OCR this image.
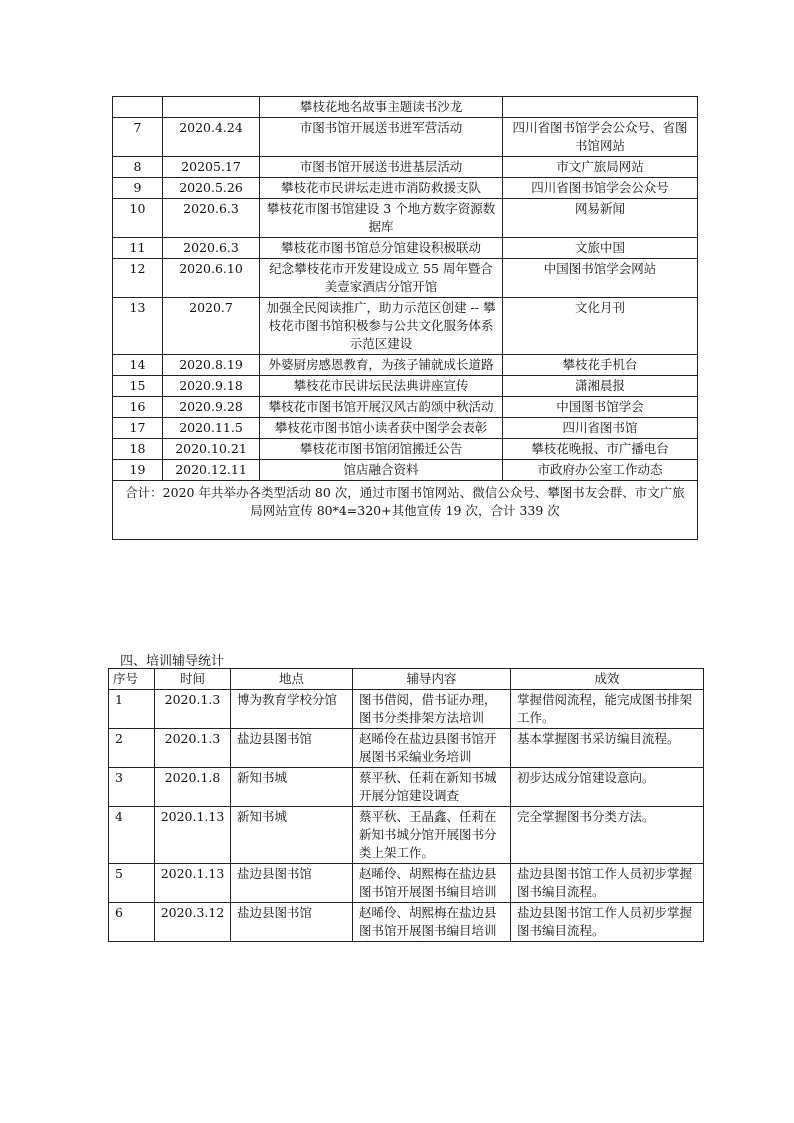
		攀枝花地名故事主题读书沙龙	
7	2020.4.24	市图书馆开展送书进军营活动	四川省图书馆学会公众号、省图书馆网站
8	20205.17	市图书馆开展送书进基层活动	市文广旅局网站
9	2020.5.26	攀枝花市民讲坛走进市消防救援支队	四川省图书馆学会公众号
10	2020.6.3	攀枝花市图书馆建设 3 个地方数字资源数据库	网易新闻
11	2020.6.3	攀枝花市图书馆总分馆建设积极联动	文旅中国
12	2020.6.10	纪念攀枝花市开发建设成立 55 周年暨合美壹家酒店分馆开馆	中国图书馆学会网站
13	2020.7	加强全民阅读推广，助力示范区创建 -- 攀枝花市图书馆积极参与公共文化服务体系示范区建设	文化月刊
14	2020.8.19	外婆厨房感恩教育，为孩子铺就成长道路	攀枝花手机台
15	2020.9.18	攀枝花市民讲坛民法典讲座宣传	潇湘晨报
16	2020.9.28	攀枝花市图书馆开展汉风古韵颂中秋活动	中国图书馆学会
17	2020.11.5	攀枝花市图书馆小读者获中图学会表彰	四川省图书馆
18	2020.10.21	攀枝花市图书馆闭馆搬迁公告	攀枝花晚报、市广播电台
19	2020.12.11	馆店融合资料	市政府办公室工作动态
合计：2020 年共举办各类型活动 80 次，通过市图书馆网站、微信公众号、攀图书友会群、市文广旅局网站宣传 80*4=320+其他宣传 19 次，合计 339 次			
四、培训辅导统计
序号	时间	地点	辅导内容	成效
1	2020.1.3	博为教育学校分馆	图书借阅，借书证办理，图书分类排架方法培训	掌握借阅流程，能完成图书排架工作。
2	2020.1.3	盐边县图书馆	赵晞伶在盐边县图书馆开展图书采编业务培训	基本掌握图书采访编目流程。
3	2020.1.8	新知书城	蔡平秋、任莉在新知书城开展分馆建设调查	初步达成分馆建设意向。
4	2020.1.13	新知书城	蔡平秋、王晶鑫、任莉在新知书城分馆开展图书分类上架工作。	完全掌握图书分类方法。
5	2020.1.13	盐边县图书馆	赵晞伶、胡熙梅在盐边县图书馆开展图书编目培训	盐边县图书馆工作人员初步掌握图书编目流程。
6	2020.3.12	盐边县图书馆	赵晞伶、胡熙梅在盐边县图书馆开展图书编目培训	盐边县图书馆工作人员初步掌握图书编目流程。
